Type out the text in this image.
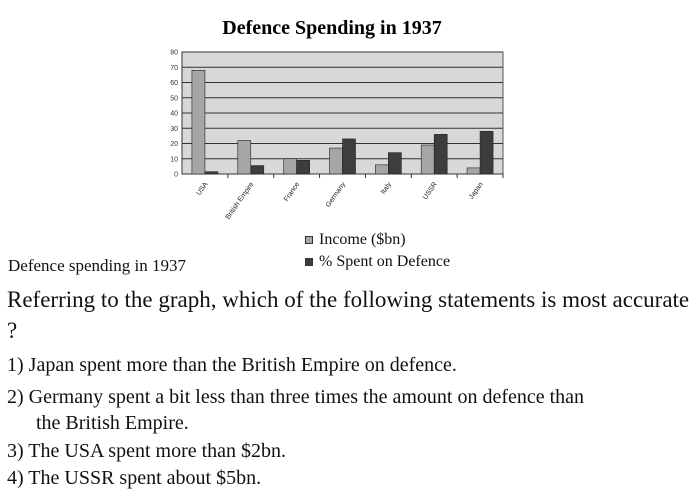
Defence Spending in 1937
0
10
20
30
40
50
60
70
80
USA British Empire	France	Germany	Italy	USSR	Japan
Income ($bn)
% Spent on Defence
Defence spending in 1937
Referring to the graph, which of the following statements is most accurate ?
1) Japan spent more than the British Empire on defence.
2) Germany spent a bit less than three times the amount on defence than
the British Empire.
3) The USA spent more than $2bn.
4) The USSR spent about $5bn.
